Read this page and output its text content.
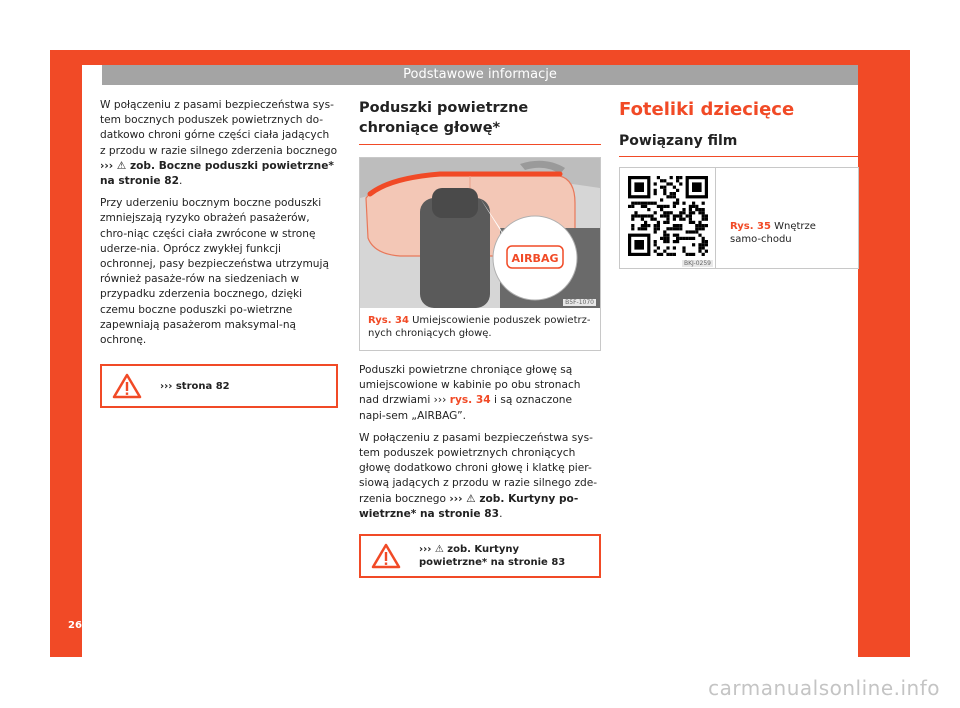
Podstawowe informacje

W połączeniu z pasami bezpieczeństwa sys-tem bocznych poduszek powietrznych do-datkowo chroni górne części ciała jadących z przodu w razie silnego zderzenia bocznego ››› ⚠ zob. Boczne poduszki powietrzne* na stronie 82.

Przy uderzeniu bocznym boczne poduszki zmniejszają ryzyko obrażeń pasażerów, chro-niąc części ciała zwrócone w stronę uderze-nia. Oprócz zwykłej funkcji ochronnej, pasy bezpieczeństwa utrzymują również pasaże-rów na siedzeniach w przypadku zderzenia bocznego, dzięki czemu boczne poduszki po-wietrzne zapewniają pasażerom maksymal-ną ochronę.

››› strona 82
Poduszki powietrzne chroniące głowę*
AIRBAG
B5F-1070
Rys. 34 Umiejscowienie poduszek powietrz-nych chroniących głowę.

Poduszki powietrzne chroniące głowę są umiejscowione w kabinie po obu stronach nad drzwiami ››› rys. 34 i są oznaczone napi-sem „AIRBAG”.

W połączeniu z pasami bezpieczeństwa sys-tem poduszek powietrznych chroniących głowę dodatkowo chroni głowę i klatkę pier-siową jadących z przodu w razie silnego zde-rzenia bocznego ››› ⚠ zob. Kurtyny po-wietrzne* na stronie 83.

››› ⚠ zob. Kurtyny powietrzne* na stronie 83
Foteliki dziecięce
Powiązany film
BKJ-0259
Rys. 35 Wnętrze samo-chodu
26
carmanualsonline.info
